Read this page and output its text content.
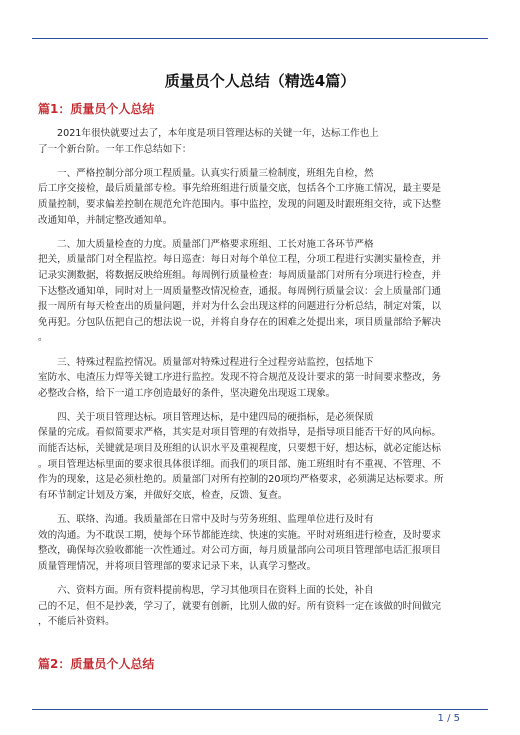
质量员个人总结（精选4篇）
篇1：质量员个人总结

2021年很快就要过去了，本年度是项目管理达标的关键一年，达标工作也上
了一个新台阶。一年工作总结如下：

一、严格控制分部分项工程质量。认真实行质量三检制度，班组先自检，然
后工序交接检，最后质量部专检。事先给班组进行质量交底，包括各个工序施工情况，最主要是
质量控制，要求偏差控制在规范允许范围内。事中监控，发现的问题及时跟班组交待，或下达整
改通知单，并制定整改通知单。

二、加大质量检查的力度。质量部门严格要求班组、工长对施工各环节严格
把关，质量部门对全程监控。每日巡查：每日对每个单位工程，分项工程进行实测实量检查，并
记录实测数据，将数据反映给班组。每周例行质量检查：每周质量部门对所有分项进行检查，并
下达整改通知单，同时对上一周质量整改情况检查，通报。每周例行质量会议：会上质量部门通
报一周所有每天检查出的质量问题，并对为什么会出现这样的问题进行分析总结，制定对策，以
免再犯。分包队伍把自己的想法说一说，并将自身存在的困难之处提出来，项目质量部给予解决
。

三、特殊过程监控情况。质量部对特殊过程进行全过程旁站监控，包括地下
室防水、电渣压力焊等关键工序进行监控。发现不符合规范及设计要求的第一时间要求整改，务
必整改合格，给下一道工序创造最好的条件，坚决避免出现返工现象。

四、关于项目管理达标。项目管理达标，是中建四局的硬指标，是必须保质
保量的完成。看似简要求严格，其实是对项目管理的有效指导，是指导项目能否干好的风向标。
而能否达标，关键就是项目及班组的认识水平及重视程度，只要想干好，想达标，就必定能达标
。项目管理达标里面的要求很具体很详细。而我们的项目部、施工班组时有不重视、不管理、不
作为的现象，这是必须杜绝的。质量部门对所有控制的20项均严格要求，必须满足达标要求。所
有环节制定计划及方案，并做好交底，检查，反馈、复查。

五、联络、沟通。我质量部在日常中及时与劳务班组、监理单位进行及时有
效的沟通。为不耽误工期，使每个环节都能连续、快速的实施。平时对班组进行检查，及时要求
整改，确保每次验收都能一次性通过。对公司方面，每月质量部向公司项目管理部电话汇报项目
质量管理情况，并将项目管理部的要求记录下来，认真学习整改。

六、资料方面。所有资料提前构思，学习其他项目在资料上面的长处，补自
己的不足，但不是抄袭，学习了，就要有创新，比别人做的好。所有资料一定在该做的时间做完
，不能后补资料。

篇2：质量员个人总结
1 / 5
